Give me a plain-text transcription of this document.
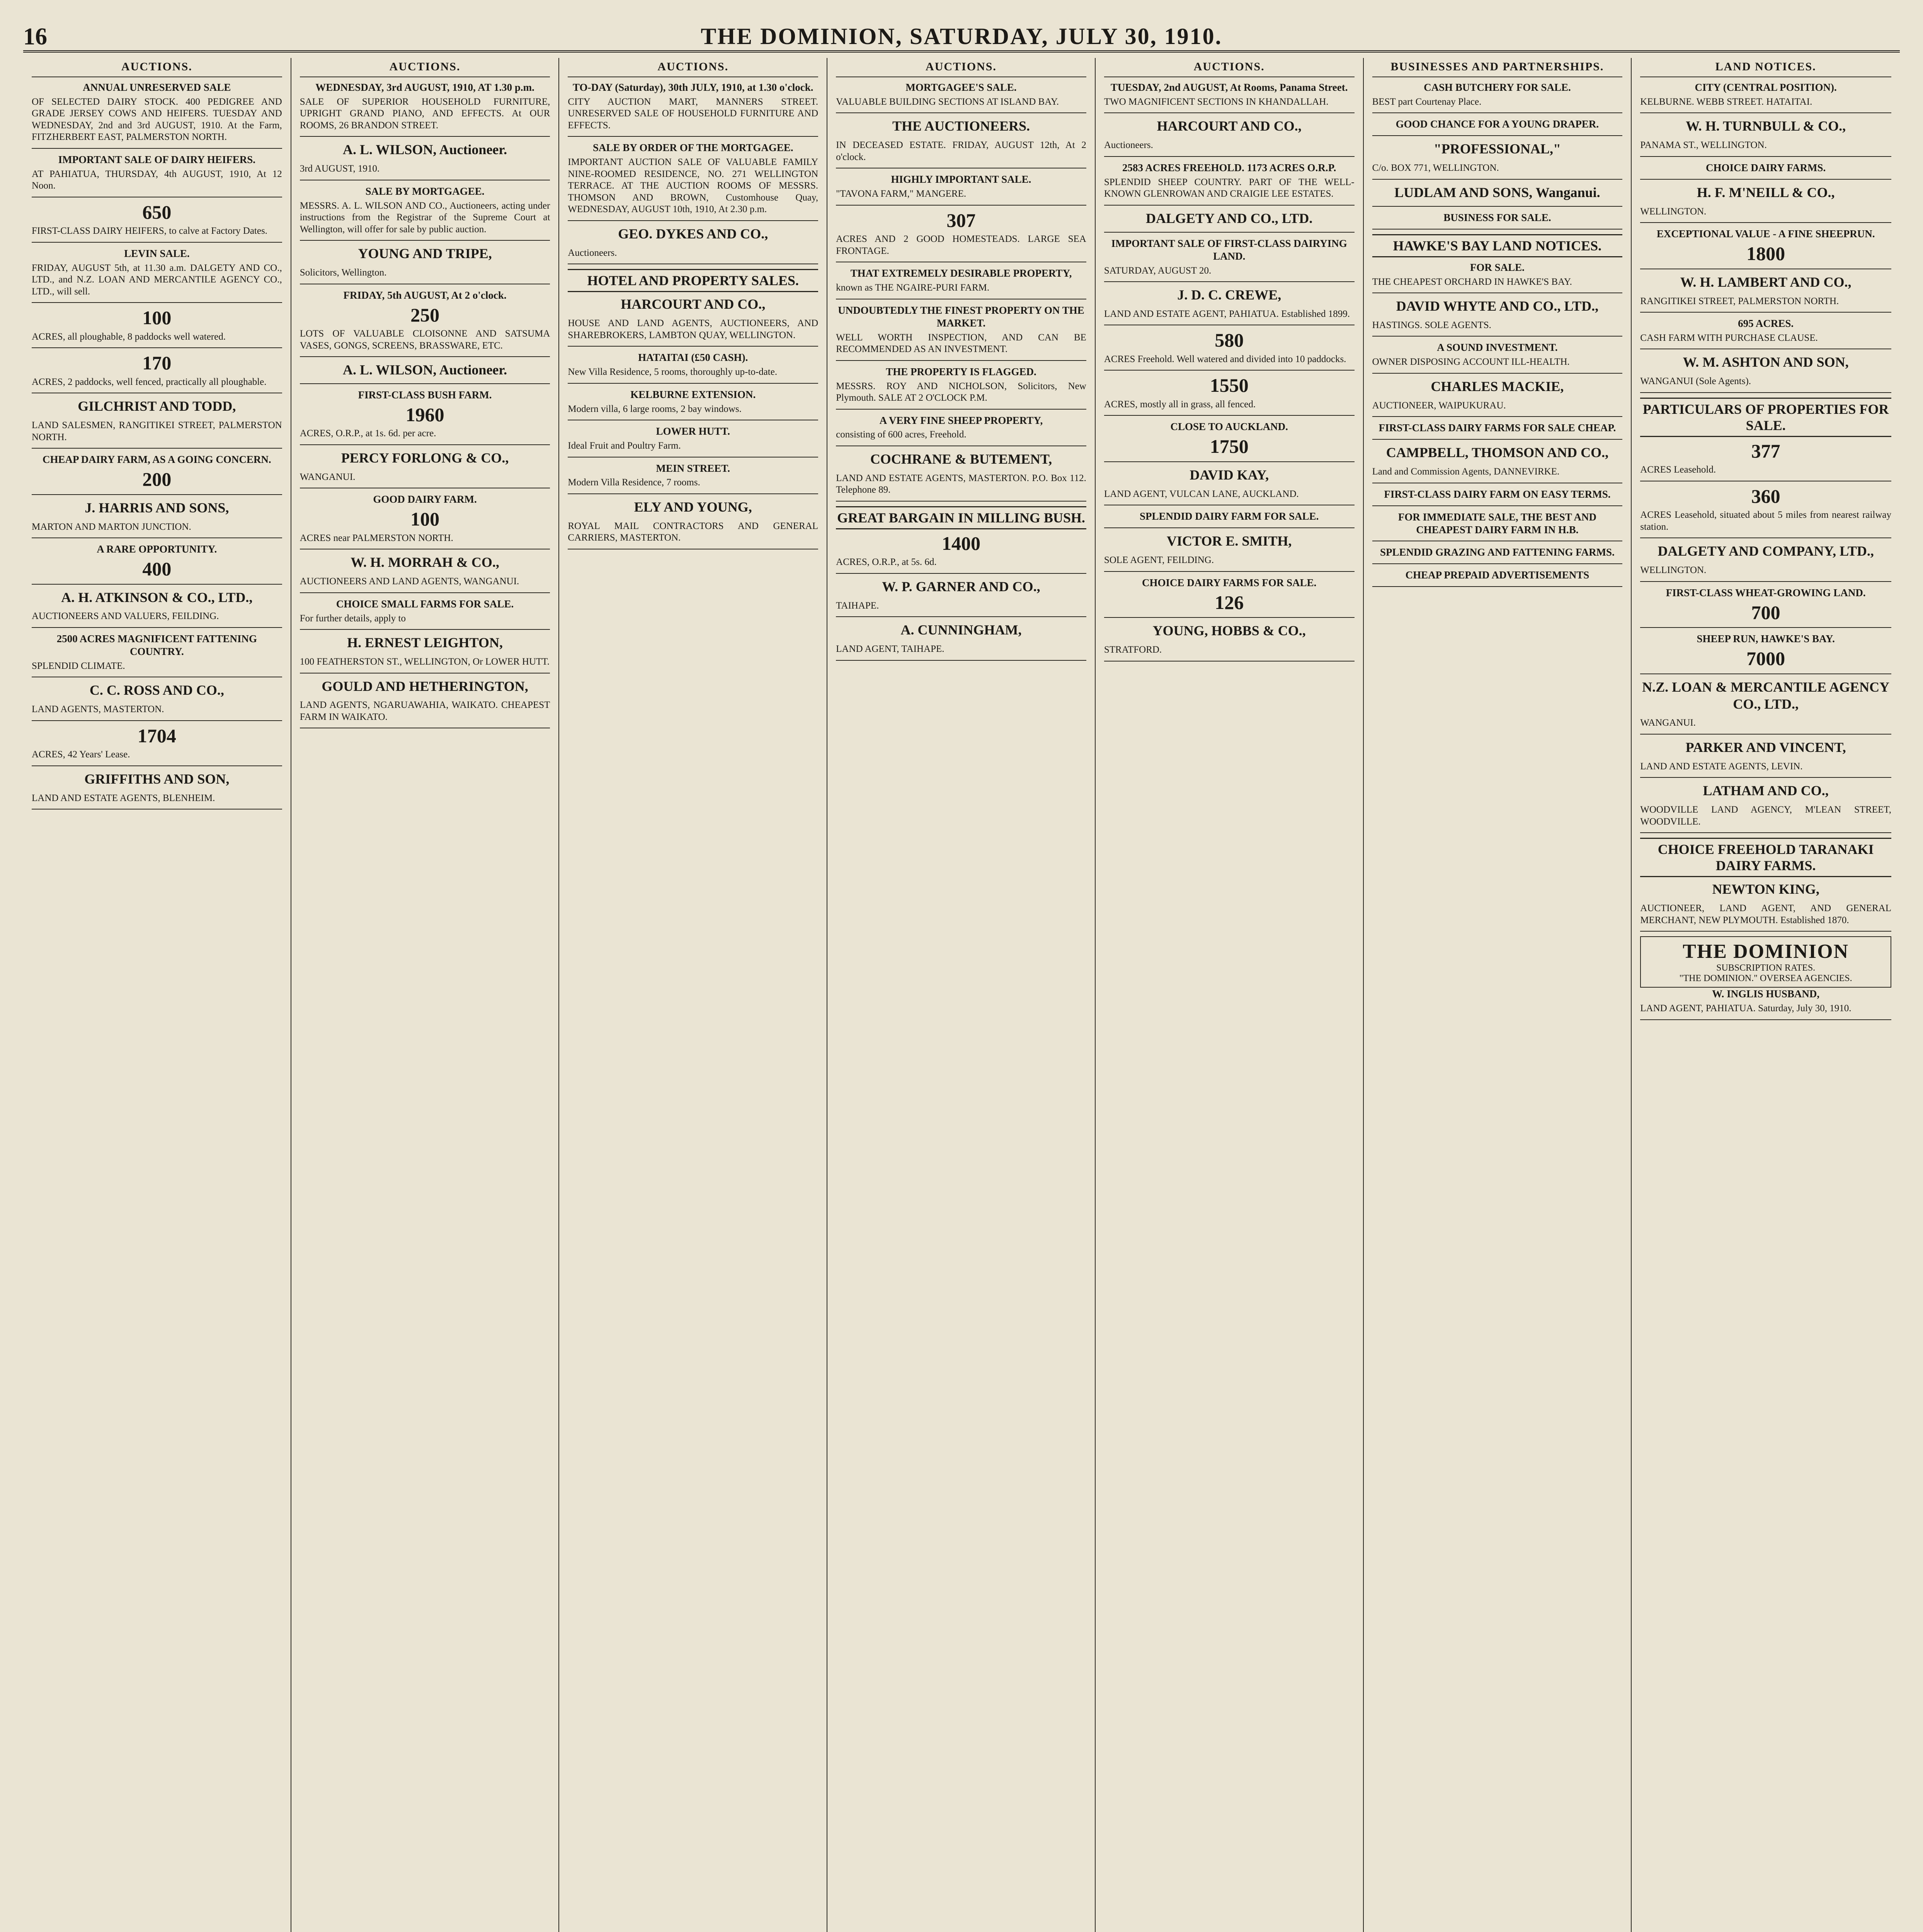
16	THE DOMINION, SATURDAY, JULY 30, 1910.
AUCTIONS.
ANNUAL UNRESERVED SALE
OF SELECTED DAIRY STOCK. 400 PEDIGREE AND GRADE JERSEY COWS AND HEIFERS. TUESDAY AND WEDNESDAY, 2nd and 3rd AUGUST, 1910. At the Farm, FITZHERBERT EAST, PALMERSTON NORTH.
IMPORTANT SALE OF DAIRY HEIFERS.
AT PAHIATUA, THURSDAY, 4th AUGUST, 1910, At 12 Noon.
650
FIRST-CLASS DAIRY HEIFERS, to calve at Factory Dates.
LEVIN SALE.
FRIDAY, AUGUST 5th, at 11.30 a.m. DALGETY AND CO., LTD., and N.Z. LOAN AND MERCANTILE AGENCY CO., LTD., will sell.
100
ACRES, all ploughable, 8 paddocks well watered.
170
ACRES, 2 paddocks, well fenced, practically all ploughable.
GILCHRIST AND TODD,
LAND SALESMEN, RANGITIKEI STREET, PALMERSTON NORTH.
CHEAP DAIRY FARM, AS A GOING CONCERN.
200
J. HARRIS AND SONS,
MARTON AND MARTON JUNCTION.
A RARE OPPORTUNITY.
400
A. H. ATKINSON & CO., LTD.,
AUCTIONEERS AND VALUERS, FEILDING.
2500 ACRES MAGNIFICENT FATTENING COUNTRY.
SPLENDID CLIMATE.
C. C. ROSS AND CO.,
LAND AGENTS, MASTERTON.
1704
ACRES, 42 Years' Lease.
GRIFFITHS AND SON,
LAND AND ESTATE AGENTS, BLENHEIM.
AUCTIONS.
WEDNESDAY, 3rd AUGUST, 1910, AT 1.30 p.m.
SALE OF SUPERIOR HOUSEHOLD FURNITURE, UPRIGHT GRAND PIANO, AND EFFECTS. At OUR ROOMS, 26 BRANDON STREET.
A. L. WILSON, Auctioneer.
3rd AUGUST, 1910.
SALE BY MORTGAGEE.
MESSRS. A. L. WILSON AND CO., Auctioneers, acting under instructions from the Registrar of the Supreme Court at Wellington, will offer for sale by public auction.
YOUNG AND TRIPE,
Solicitors, Wellington.
FRIDAY, 5th AUGUST, At 2 o'clock.
250
LOTS OF VALUABLE CLOISONNE AND SATSUMA VASES, GONGS, SCREENS, BRASSWARE, ETC.
A. L. WILSON, Auctioneer.
FIRST-CLASS BUSH FARM.
1960
ACRES, O.R.P., at 1s. 6d. per acre.
PERCY FORLONG & CO.,
WANGANUI.
GOOD DAIRY FARM.
100
ACRES near PALMERSTON NORTH.
W. H. MORRAH & CO.,
AUCTIONEERS AND LAND AGENTS, WANGANUI.
CHOICE SMALL FARMS FOR SALE.
For further details, apply to
H. ERNEST LEIGHTON,
100 FEATHERSTON ST., WELLINGTON, Or LOWER HUTT.
GOULD AND HETHERINGTON,
LAND AGENTS, NGARUAWAHIA, WAIKATO. CHEAPEST FARM IN WAIKATO.
AUCTIONS.
TO-DAY (Saturday), 30th JULY, 1910, at 1.30 o'clock.
CITY AUCTION MART, MANNERS STREET. UNRESERVED SALE OF HOUSEHOLD FURNITURE AND EFFECTS.
SALE BY ORDER OF THE MORTGAGEE.
IMPORTANT AUCTION SALE OF VALUABLE FAMILY NINE-ROOMED RESIDENCE, NO. 271 WELLINGTON TERRACE. AT THE AUCTION ROOMS OF MESSRS. THOMSON AND BROWN, Customhouse Quay, WEDNESDAY, AUGUST 10th, 1910, At 2.30 p.m.
GEO. DYKES AND CO.,
Auctioneers.
HOTEL AND PROPERTY SALES.
HARCOURT AND CO.,
HOUSE AND LAND AGENTS, AUCTIONEERS, AND SHAREBROKERS, LAMBTON QUAY, WELLINGTON.
HATAITAI (£50 CASH).
New Villa Residence, 5 rooms, thoroughly up-to-date.
KELBURNE EXTENSION.
Modern villa, 6 large rooms, 2 bay windows.
LOWER HUTT.
Ideal Fruit and Poultry Farm.
MEIN STREET.
Modern Villa Residence, 7 rooms.
ELY AND YOUNG,
ROYAL MAIL CONTRACTORS AND GENERAL CARRIERS, MASTERTON.
AUCTIONS.
MORTGAGEE'S SALE.
VALUABLE BUILDING SECTIONS AT ISLAND BAY.
THE AUCTIONEERS.
IN DECEASED ESTATE. FRIDAY, AUGUST 12th, At 2 o'clock.
HIGHLY IMPORTANT SALE.
"TAVONA FARM," MANGERE.
307
ACRES AND 2 GOOD HOMESTEADS. LARGE SEA FRONTAGE.
THAT EXTREMELY DESIRABLE PROPERTY,
known as THE NGAIRE-PURI FARM.
UNDOUBTEDLY THE FINEST PROPERTY ON THE MARKET.
WELL WORTH INSPECTION, AND CAN BE RECOMMENDED AS AN INVESTMENT.
THE PROPERTY IS FLAGGED.
MESSRS. ROY AND NICHOLSON, Solicitors, New Plymouth. SALE AT 2 O'CLOCK P.M.
A VERY FINE SHEEP PROPERTY,
consisting of 600 acres, Freehold.
COCHRANE & BUTEMENT,
LAND AND ESTATE AGENTS, MASTERTON. P.O. Box 112. Telephone 89.
GREAT BARGAIN IN MILLING BUSH.
1400
ACRES, O.R.P., at 5s. 6d.
W. P. GARNER AND CO.,
TAIHAPE.
A. CUNNINGHAM,
LAND AGENT, TAIHAPE.
AUCTIONS.
TUESDAY, 2nd AUGUST, At Rooms, Panama Street.
TWO MAGNIFICENT SECTIONS IN KHANDALLAH.
HARCOURT AND CO.,
Auctioneers.
2583 ACRES FREEHOLD. 1173 ACRES O.R.P.
SPLENDID SHEEP COUNTRY. PART OF THE WELL-KNOWN GLENROWAN AND CRAIGIE LEE ESTATES.
DALGETY AND CO., LTD.
IMPORTANT SALE OF FIRST-CLASS DAIRYING LAND.
SATURDAY, AUGUST 20.
J. D. C. CREWE,
LAND AND ESTATE AGENT, PAHIATUA. Established 1899.
580
ACRES Freehold. Well watered and divided into 10 paddocks.
1550
ACRES, mostly all in grass, all fenced.
CLOSE TO AUCKLAND.
1750
DAVID KAY,
LAND AGENT, VULCAN LANE, AUCKLAND.
SPLENDID DAIRY FARM FOR SALE.
VICTOR E. SMITH,
SOLE AGENT, FEILDING.
CHOICE DAIRY FARMS FOR SALE.
126
YOUNG, HOBBS & CO.,
STRATFORD.
BUSINESSES AND PARTNERSHIPS.
CASH BUTCHERY FOR SALE.
BEST part Courtenay Place.
GOOD CHANCE FOR A YOUNG DRAPER.
"PROFESSIONAL,"
C/o. BOX 771, WELLINGTON.
LUDLAM AND SONS, Wanganui.
BUSINESS FOR SALE.
HAWKE'S BAY LAND NOTICES.
FOR SALE.
THE CHEAPEST ORCHARD IN HAWKE'S BAY.
DAVID WHYTE AND CO., LTD.,
HASTINGS. SOLE AGENTS.
A SOUND INVESTMENT.
OWNER DISPOSING ACCOUNT ILL-HEALTH.
CHARLES MACKIE,
AUCTIONEER, WAIPUKURAU.
FIRST-CLASS DAIRY FARMS FOR SALE CHEAP.
CAMPBELL, THOMSON AND CO.,
Land and Commission Agents, DANNEVIRKE.
FIRST-CLASS DAIRY FARM ON EASY TERMS.
FOR IMMEDIATE SALE, THE BEST AND CHEAPEST DAIRY FARM IN H.B.
SPLENDID GRAZING AND FATTENING FARMS.
CHEAP PREPAID ADVERTISEMENTS
LAND NOTICES.
CITY (CENTRAL POSITION).
KELBURNE. WEBB STREET. HATAITAI.
W. H. TURNBULL & CO.,
PANAMA ST., WELLINGTON.
CHOICE DAIRY FARMS.
H. F. M'NEILL & CO.,
WELLINGTON.
EXCEPTIONAL VALUE - A FINE SHEEPRUN.
1800
W. H. LAMBERT AND CO.,
RANGITIKEI STREET, PALMERSTON NORTH.
695 ACRES.
CASH FARM WITH PURCHASE CLAUSE.
W. M. ASHTON AND SON,
WANGANUI (Sole Agents).
PARTICULARS OF PROPERTIES FOR SALE.
377
ACRES Leasehold.
360
ACRES Leasehold, situated about 5 miles from nearest railway station.
DALGETY AND COMPANY, LTD.,
WELLINGTON.
FIRST-CLASS WHEAT-GROWING LAND.
700
SHEEP RUN, HAWKE'S BAY.
7000
N.Z. LOAN & MERCANTILE AGENCY CO., LTD.,
WANGANUI.
PARKER AND VINCENT,
LAND AND ESTATE AGENTS, LEVIN.
LATHAM AND CO.,
WOODVILLE LAND AGENCY, M'LEAN STREET, WOODVILLE.
CHOICE FREEHOLD TARANAKI DAIRY FARMS.
NEWTON KING,
AUCTIONEER, LAND AGENT, AND GENERAL MERCHANT, NEW PLYMOUTH. Established 1870.
THE DOMINION
SUBSCRIPTION RATES.
"THE DOMINION." OVERSEA AGENCIES.
W. INGLIS HUSBAND,
LAND AGENT, PAHIATUA. Saturday, July 30, 1910.
